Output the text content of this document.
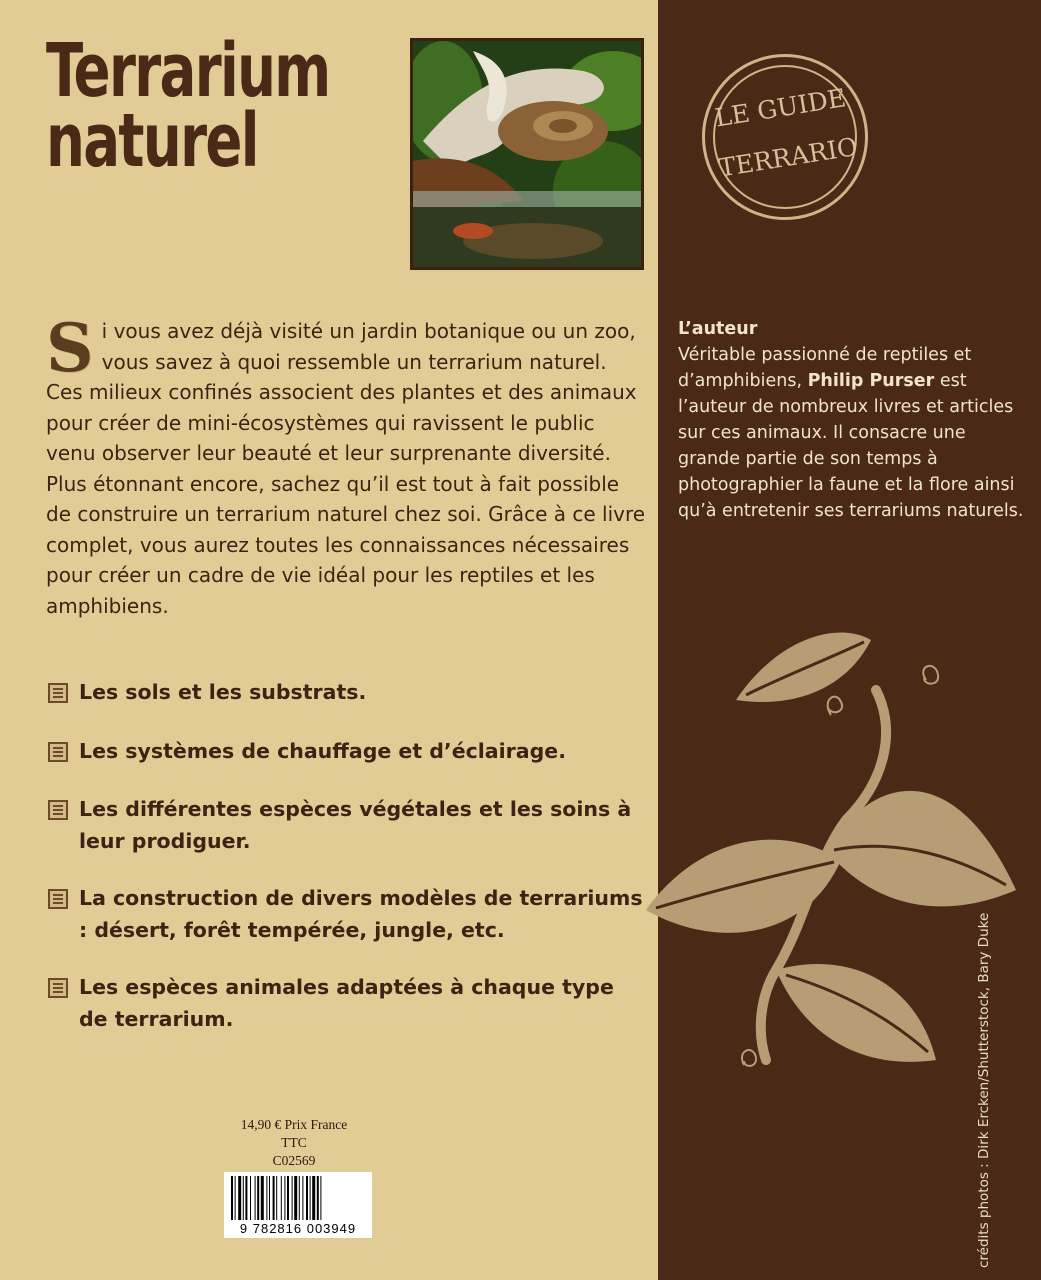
Terrarium
naturel	LE GUIDE
TERRARIO
Si vous avez déjà visité un jardin botanique ou un zoo, vous savez à quoi ressemble un terrarium naturel. Ces milieux confinés associent des plantes et des animaux pour créer de mini-écosystèmes qui ravissent le public venu observer leur beauté et leur surprenante diversité. Plus étonnant encore, sachez qu’il est tout à fait possible de construire un terrarium naturel chez soi. Grâce à ce livre complet, vous aurez toutes les connaissances nécessaires pour créer un cadre de vie idéal pour les reptiles et les amphibiens.
Les sols et les substrats.
Les systèmes de chauffage et d’éclairage.
Les différentes espèces végétales et les soins à leur prodiguer.
La construction de divers modèles de terrariums : désert, forêt tempérée, jungle, etc.
Les espèces animales adaptées à chaque type de terrarium.
L’auteur
Véritable passionné de reptiles et d’amphibiens, Philip Purser est l’auteur de nombreux livres et articles sur ces animaux. Il consacre une grande partie de son temps à photographier la faune et la flore ainsi qu’à entretenir ses terrariums naturels.
14,90 € Prix France TTC
C02569
9 782816 003949	crédits photos : Dirk Ercken/Shutterstock, Bary Duke
